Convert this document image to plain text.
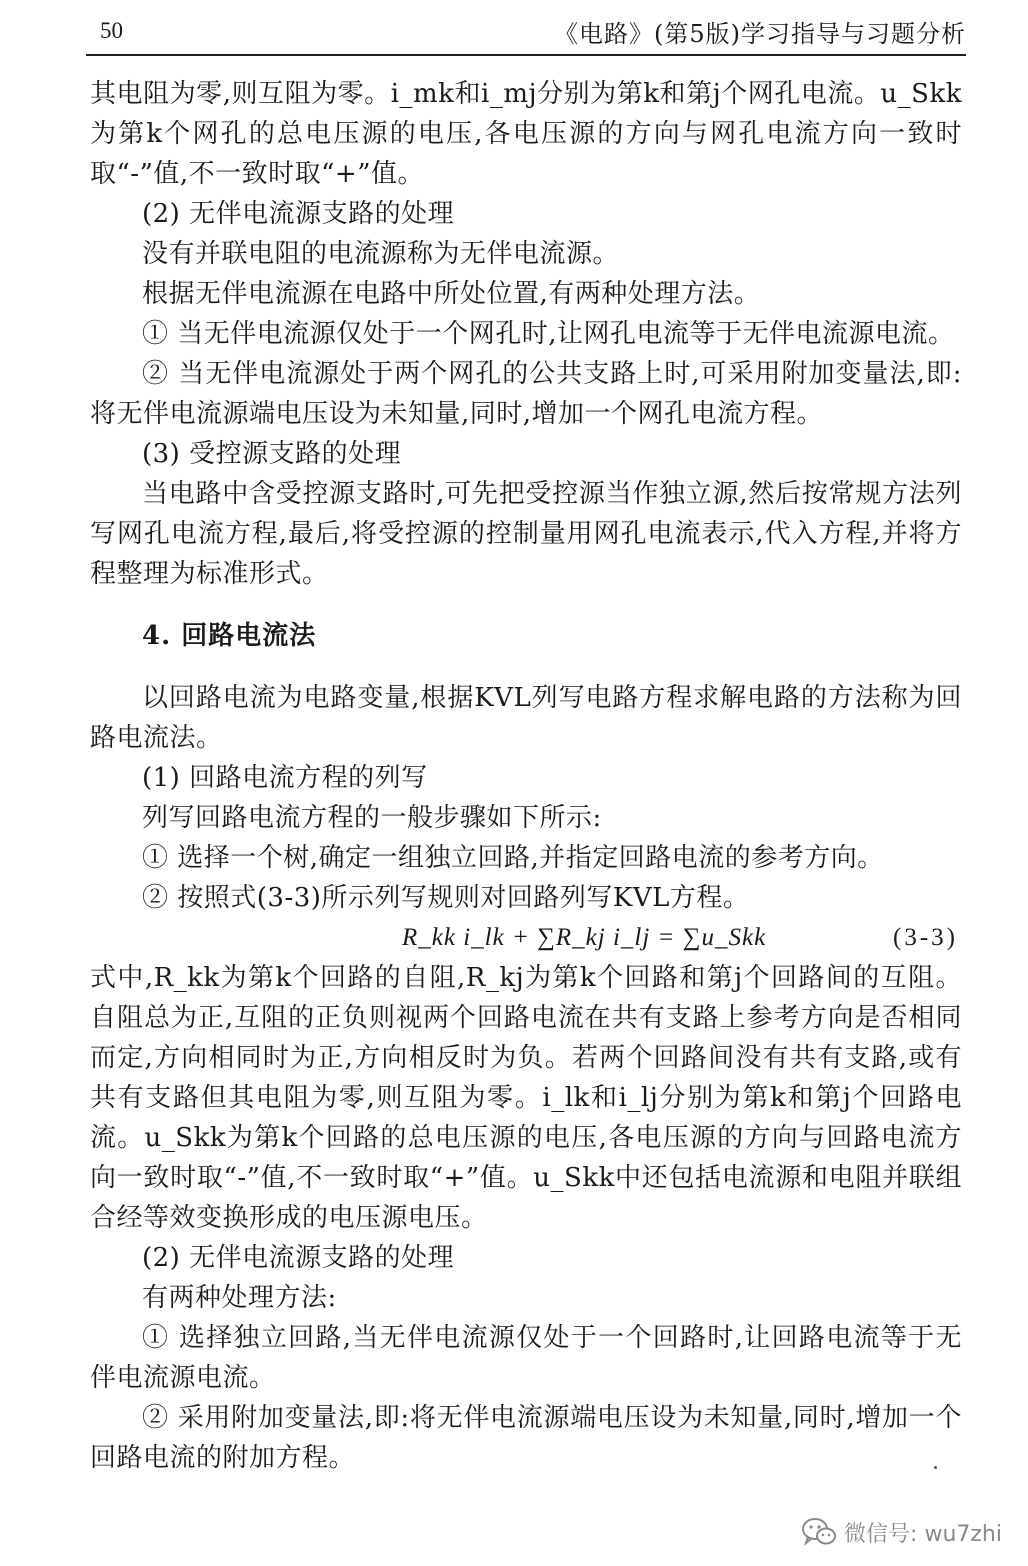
50	《电路》(第5版)学习指导与习题分析

其电阻为零,则互阻为零。i_mk和i_mj分别为第k和第j个网孔电流。u_Skk为第k个网孔的总电压源的电压,各电压源的方向与网孔电流方向一致时取“-”值,不一致时取“+”值。

(2) 无伴电流源支路的处理

没有并联电阻的电流源称为无伴电流源。

根据无伴电流源在电路中所处位置,有两种处理方法。

① 当无伴电流源仅处于一个网孔时,让网孔电流等于无伴电流源电流。

② 当无伴电流源处于两个网孔的公共支路上时,可采用附加变量法,即:将无伴电流源端电压设为未知量,同时,增加一个网孔电流方程。

(3) 受控源支路的处理

当电路中含受控源支路时,可先把受控源当作独立源,然后按常规方法列写网孔电流方程,最后,将受控源的控制量用网孔电流表示,代入方程,并将方程整理为标准形式。

4. 回路电流法

以回路电流为电路变量,根据KVL列写电路方程求解电路的方法称为回路电流法。

(1) 回路电流方程的列写

列写回路电流方程的一般步骤如下所示:

① 选择一个树,确定一组独立回路,并指定回路电流的参考方向。

② 按照式(3-3)所示列写规则对回路列写KVL方程。

R_kk i_lk + ∑R_kj i_lj = ∑u_Skk	(3-3)

式中,R_kk为第k个回路的自阻,R_kj为第k个回路和第j个回路间的互阻。自阻总为正,互阻的正负则视两个回路电流在共有支路上参考方向是否相同而定,方向相同时为正,方向相反时为负。若两个回路间没有共有支路,或有共有支路但其电阻为零,则互阻为零。i_lk和i_lj分别为第k和第j个回路电流。u_Skk为第k个回路的总电压源的电压,各电压源的方向与回路电流方向一致时取“-”值,不一致时取“+”值。u_Skk中还包括电流源和电阻并联组合经等效变换形成的电压源电压。

(2) 无伴电流源支路的处理

有两种处理方法:

① 选择独立回路,当无伴电流源仅处于一个回路时,让回路电流等于无伴电流源电流。

② 采用附加变量法,即:将无伴电流源端电压设为未知量,同时,增加一个回路电流的附加方程。

微信号: wu7zhi
